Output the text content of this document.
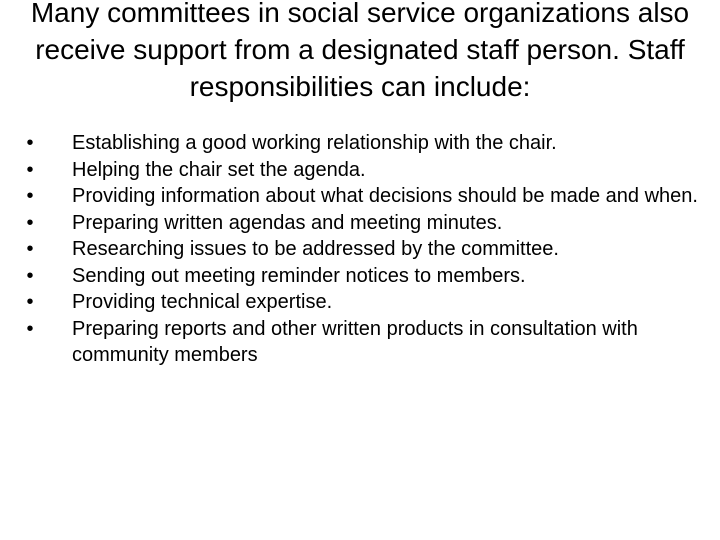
Many committees in social service organizations also receive support from a designated staff person. Staff responsibilities can include:
• Establishing a good working relationship with the chair.
• Helping the chair set the agenda.
• Providing information about what decisions should be made and when.
• Preparing written agendas and meeting minutes.
• Researching issues to be addressed by the committee.
• Sending out meeting reminder notices to members.
• Providing technical expertise.
• Preparing reports and other written products in consultation with community members
